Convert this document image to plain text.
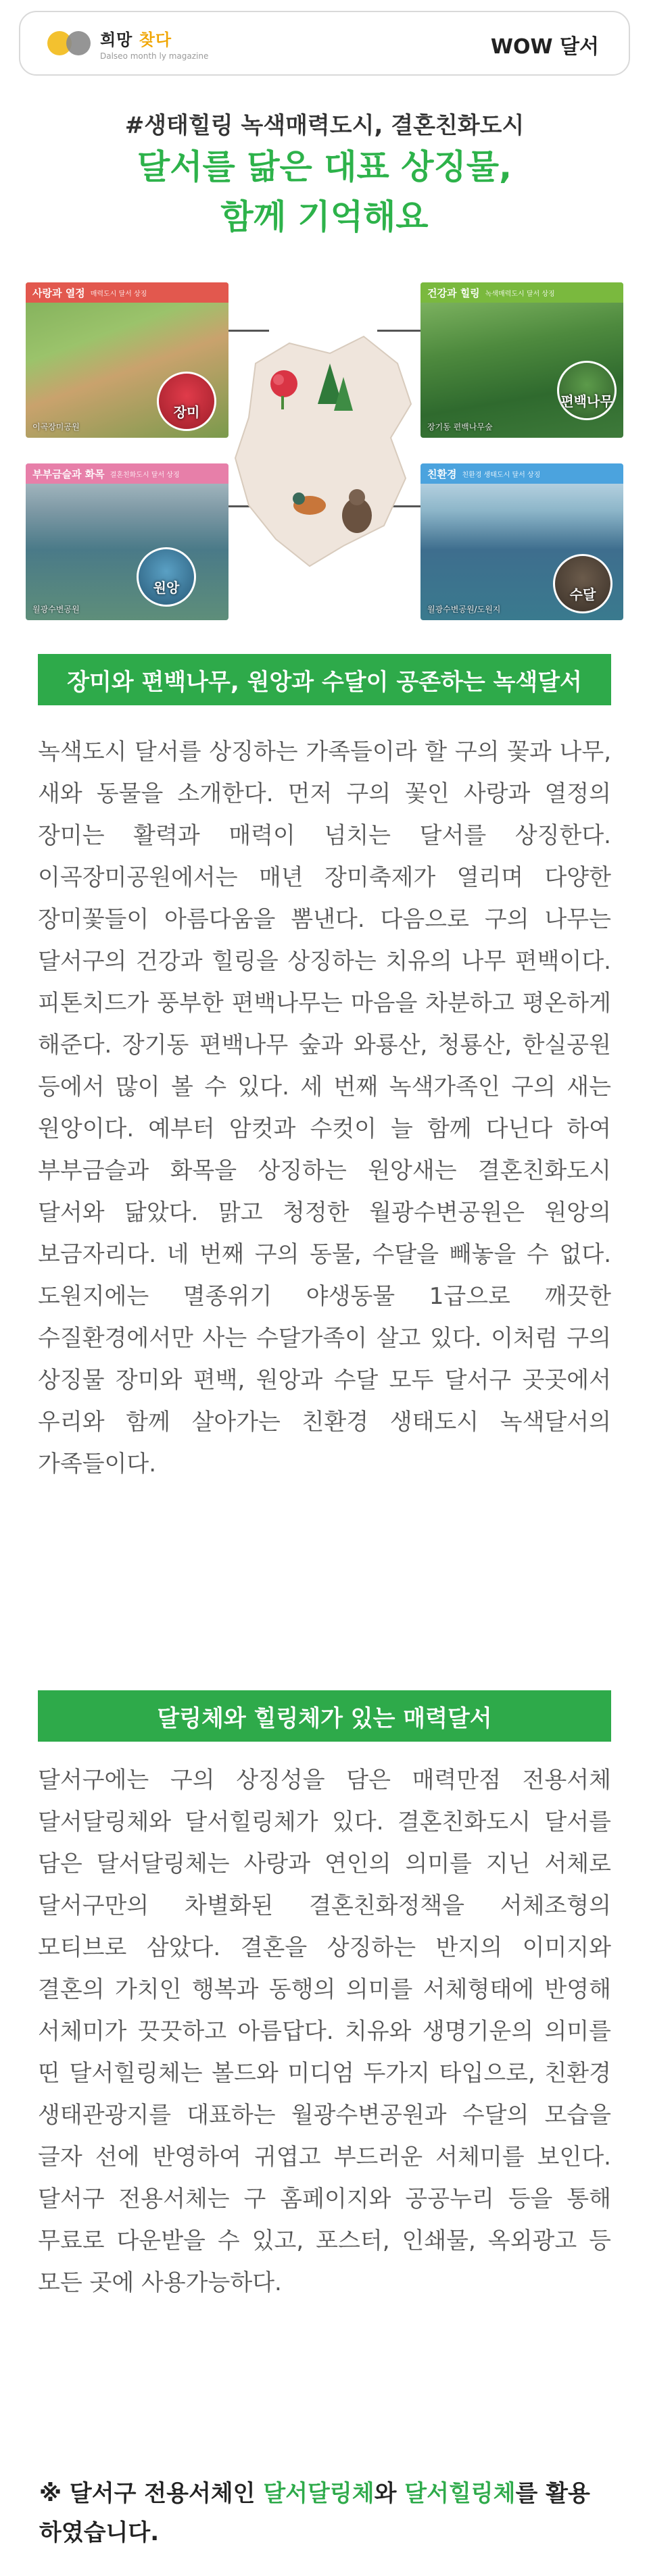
희망 찾다
Dalseo month ly magazine	WOW 달서
#생태힐링 녹색매력도시, 결혼친화도시
달서를 닮은 대표 상징물,
함께 기억해요
사랑과 열정 매력도시 달서 상징
이곡장미공원
장미
건강과 힐링 녹색매력도시 달서 상징
장기동 편백나무숲
편백나무
부부금슬과 화목 결혼친화도시 달서 상징
월광수변공원
원앙
친환경 친환경 생태도시 달서 상징
월광수변공원/도원지
수달
장미와 편백나무, 원앙과 수달이 공존하는 녹색달서
녹색도시 달서를 상징하는 가족들이라 할 구의 꽃과 나무, 새와 동물을 소개한다. 먼저 구의 꽃인 사랑과 열정의 장미는 활력과 매력이 넘치는 달서를 상징한다. 이곡장미공원에서는 매년 장미축제가 열리며 다양한 장미꽃들이 아름다움을 뽐낸다. 다음으로 구의 나무는 달서구의 건강과 힐링을 상징하는 치유의 나무 편백이다. 피톤치드가 풍부한 편백나무는 마음을 차분하고 평온하게 해준다. 장기동 편백나무 숲과 와룡산, 청룡산, 한실공원 등에서 많이 볼 수 있다. 세 번째 녹색가족인 구의 새는 원앙이다. 예부터 암컷과 수컷이 늘 함께 다닌다 하여 부부금슬과 화목을 상징하는 원앙새는 결혼친화도시 달서와 닮았다. 맑고 청정한 월광수변공원은 원앙의 보금자리다. 네 번째 구의 동물, 수달을 빼놓을 수 없다. 도원지에는 멸종위기 야생동물 1급으로 깨끗한 수질환경에서만 사는 수달가족이 살고 있다. 이처럼 구의 상징물 장미와 편백, 원앙과 수달 모두 달서구 곳곳에서 우리와 함께 살아가는 친환경 생태도시 녹색달서의 가족들이다.
달링체와 힐링체가 있는 매력달서
달서구에는 구의 상징성을 담은 매력만점 전용서체 달서달링체와 달서힐링체가 있다. 결혼친화도시 달서를 담은 달서달링체는 사랑과 연인의 의미를 지닌 서체로 달서구만의 차별화된 결혼친화정책을 서체조형의 모티브로 삼았다. 결혼을 상징하는 반지의 이미지와 결혼의 가치인 행복과 동행의 의미를 서체형태에 반영해 서체미가 끗끗하고 아름답다. 치유와 생명기운의 의미를 띤 달서힐링체는 볼드와 미디엄 두가지 타입으로, 친환경 생태관광지를 대표하는 월광수변공원과 수달의 모습을 글자 선에 반영하여 귀엽고 부드러운 서체미를 보인다. 달서구 전용서체는 구 홈페이지와 공공누리 등을 통해 무료로 다운받을 수 있고, 포스터, 인쇄물, 옥외광고 등 모든 곳에 사용가능하다.
※ 달서구 전용서체인 달서달링체와 달서힐링체를 활용하였습니다.
